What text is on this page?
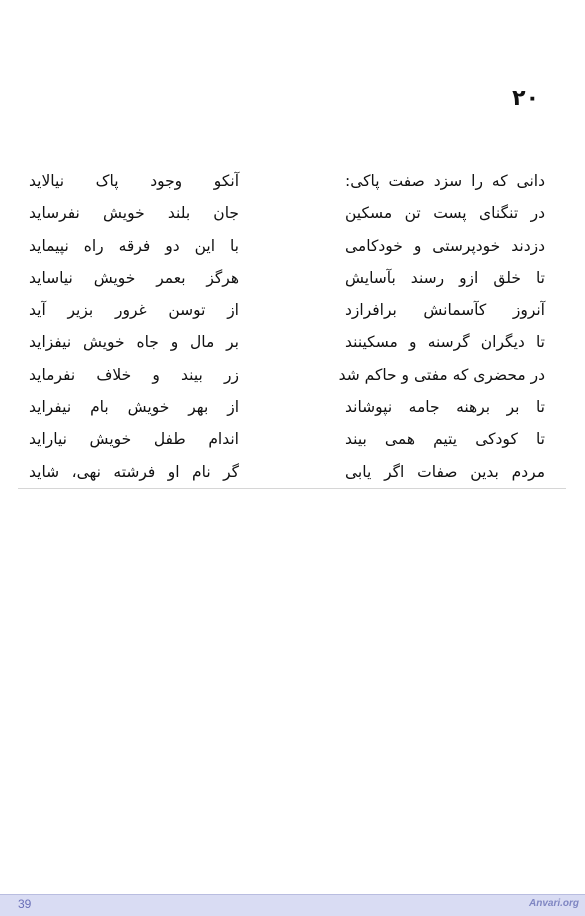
۲۰
دانی که را سزد صفت پاکی:
آنکو وجود پاک نیالاید
در تنگنای پست تن مسکین
جان بلند خویش نفرساید
دزدند خودپرستی و خودکامی
با این دو فرقه راه نپیماید
تا خلق ازو رسند بآسایش
هرگز بعمر خویش نیاساید
آنروز کآسمانش برافرازد
از توسن غرور بزیر آید
تا دیگران گرسنه و مسکینند
بر مال و جاه خویش نیفزاید
در محضری که مفتی و حاکم شد
زر بیند و خلاف نفرماید
تا بر برهنه جامه نپوشاند
از بهر خویش بام نیفراید
تا کودکی یتیم همی بیند
اندام طفل خویش نیاراید
مردم بدین صفات اگر یابی
گر نام او فرشته نهی، شاید
39	Anvari.org
